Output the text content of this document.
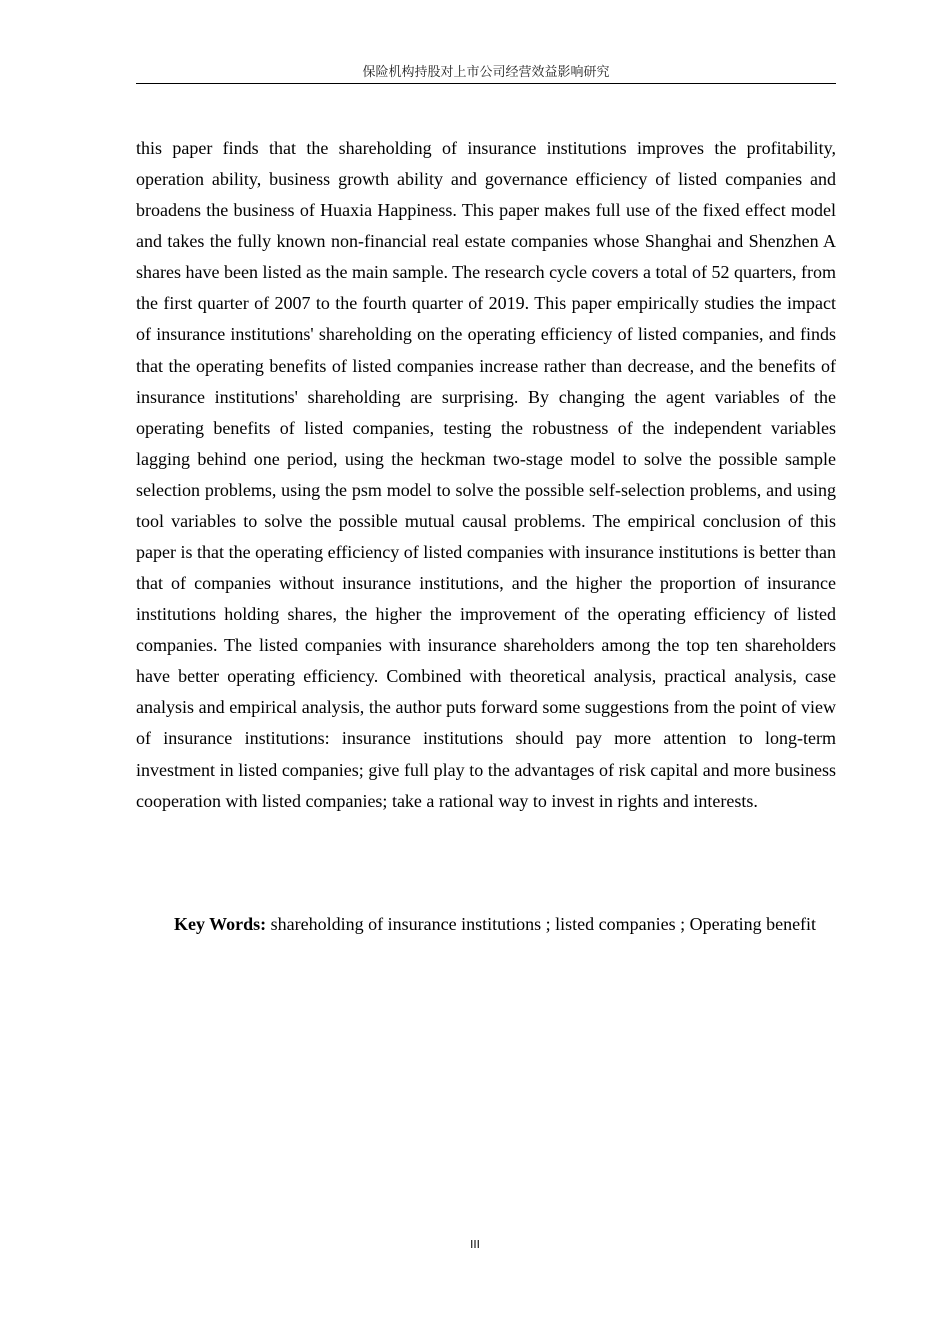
保险机构持股对上市公司经营效益影响研究

this paper finds that the shareholding of insurance institutions improves the profitability, operation ability, business growth ability and governance efficiency of listed companies and broadens the business of Huaxia Happiness. This paper makes full use of the fixed effect model and takes the fully known non-financial real estate companies whose Shanghai and Shenzhen A shares have been listed as the main sample. The research cycle covers a total of 52 quarters, from the first quarter of 2007 to the fourth quarter of 2019. This paper empirically studies the impact of insurance institutions' shareholding on the operating efficiency of listed companies, and finds that the operating benefits of listed companies increase rather than decrease, and the benefits of insurance institutions' shareholding are surprising. By changing the agent variables of the operating benefits of listed companies, testing the robustness of the independent variables lagging behind one period, using the heckman two-stage model to solve the possible sample selection problems, using the psm model to solve the possible self-selection problems, and using tool variables to solve the possible mutual causal problems. The empirical conclusion of this paper is that the operating efficiency of listed companies with insurance institutions is better than that of companies without insurance institutions, and the higher the proportion of insurance institutions holding shares, the higher the improvement of the operating efficiency of listed companies. The listed companies with insurance shareholders among the top ten shareholders have better operating efficiency. Combined with theoretical analysis, practical analysis, case analysis and empirical analysis, the author puts forward some suggestions from the point of view of insurance institutions: insurance institutions should pay more attention to long-term investment in listed companies; give full play to the advantages of risk capital and more business cooperation with listed companies; take a rational way to invest in rights and interests.

Key Words: shareholding of insurance institutions ; listed companies ; Operating benefit

III
